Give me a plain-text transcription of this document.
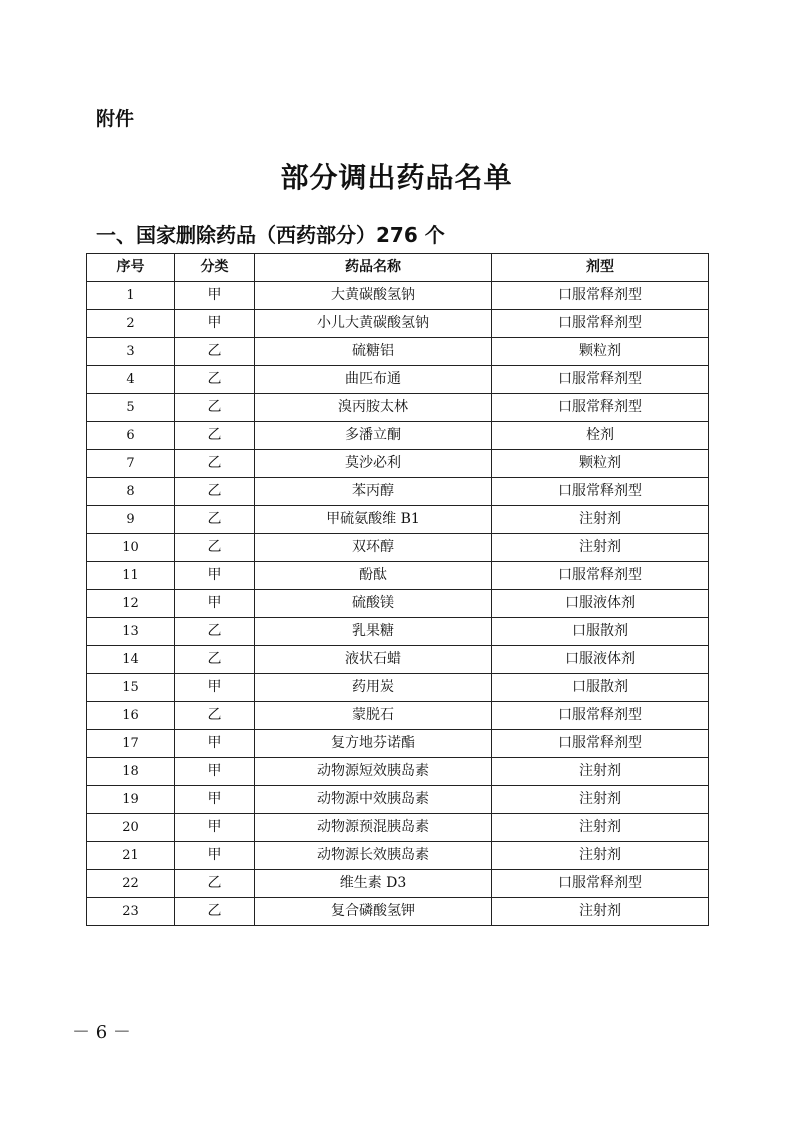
附件
部分调出药品名单
一、国家删除药品（西药部分）276 个
序号	分类	药品名称	剂型
1	甲	大黄碳酸氢钠	口服常释剂型
2	甲	小儿大黄碳酸氢钠	口服常释剂型
3	乙	硫糖铝	颗粒剂
4	乙	曲匹布通	口服常释剂型
5	乙	溴丙胺太林	口服常释剂型
6	乙	多潘立酮	栓剂
7	乙	莫沙必利	颗粒剂
8	乙	苯丙醇	口服常释剂型
9	乙	甲硫氨酸维 B1	注射剂
10	乙	双环醇	注射剂
11	甲	酚酞	口服常释剂型
12	甲	硫酸镁	口服液体剂
13	乙	乳果糖	口服散剂
14	乙	液状石蜡	口服液体剂
15	甲	药用炭	口服散剂
16	乙	蒙脱石	口服常释剂型
17	甲	复方地芬诺酯	口服常释剂型
18	甲	动物源短效胰岛素	注射剂
19	甲	动物源中效胰岛素	注射剂
20	甲	动物源预混胰岛素	注射剂
21	甲	动物源长效胰岛素	注射剂
22	乙	维生素 D3	口服常释剂型
23	乙	复合磷酸氢钾	注射剂
－ 6 －
